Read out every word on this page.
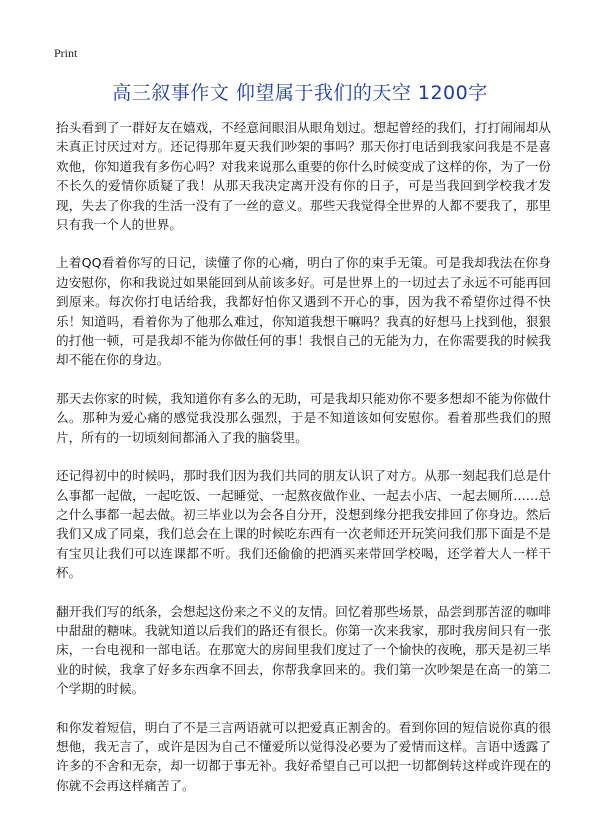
Print
高三叙事作文 仰望属于我们的天空 1200字

抬头看到了一群好友在嬉戏，不经意间眼泪从眼角划过。想起曾经的我们，打打闹闹却从未真正讨厌过对方。还记得那年夏天我们吵架的事吗？那天你打电话到我家问我是不是喜欢他，你知道我有多伤心吗？对我来说那么重要的你什么时候变成了这样的你，为了一份不长久的爱情你质疑了我！从那天我决定离开没有你的日子，可是当我回到学校我才发现，失去了你我的生活一没有了一丝的意义。那些天我觉得全世界的人都不要我了，那里只有我一个人的世界。

上着QQ看着你写的日记，读懂了你的心痛，明白了你的束手无策。可是我却我法在你身边安慰你，你和我说过如果能回到从前该多好。可是世界上的一切过去了永远不可能再回到原来。每次你打电话给我，我都好怕你又遇到不开心的事，因为我不希望你过得不快乐！知道吗，看着你为了他那么难过，你知道我想干嘛吗？我真的好想马上找到他，狠狠的打他一顿，可是我却不能为你做任何的事！我恨自己的无能为力，在你需要我的时候我却不能在你的身边。

那天去你家的时候，我知道你有多么的无助，可是我却只能劝你不要多想却不能为你做什么。那种为爱心痛的感觉我没那么强烈，于是不知道该如何安慰你。看着那些我们的照片，所有的一切顷刻间都涌入了我的脑袋里。

还记得初中的时候吗，那时我们因为我们共同的朋友认识了对方。从那一刻起我们总是什么事都一起做，一起吃饭、一起睡觉、一起熬夜做作业、一起去小店、一起去厕所……总之什么事都一起去做。初三毕业以为会各自分开，没想到缘分把我安排回了你身边。然后我们又成了同桌，我们总会在上课的时候吃东西有一次老师还开玩笑问我们那下面是不是有宝贝让我们可以连课都不听。我们还偷偷的把酒买来带回学校喝，还学着大人一样干杯。

翻开我们写的纸条，会想起这份来之不义的友情。回忆着那些场景，品尝到那苦涩的咖啡中甜甜的糖味。我就知道以后我们的路还有很长。你第一次来我家，那时我房间只有一张床，一台电视和一部电话。在那宽大的房间里我们度过了一个愉快的夜晚，那天是初三毕业的时候，我拿了好多东西拿不回去，你帮我拿回来的。我们第一次吵架是在高一的第二个学期的时候。

和你发着短信，明白了不是三言两语就可以把爱真正割舍的。看到你回的短信说你真的很想他，我无言了，或许是因为自己不懂爱所以觉得没必要为了爱情而这样。言语中透露了许多的不舍和无奈，却一切都于事无补。我好希望自己可以把一切都倒转这样或许现在的你就不会再这样痛苦了。
